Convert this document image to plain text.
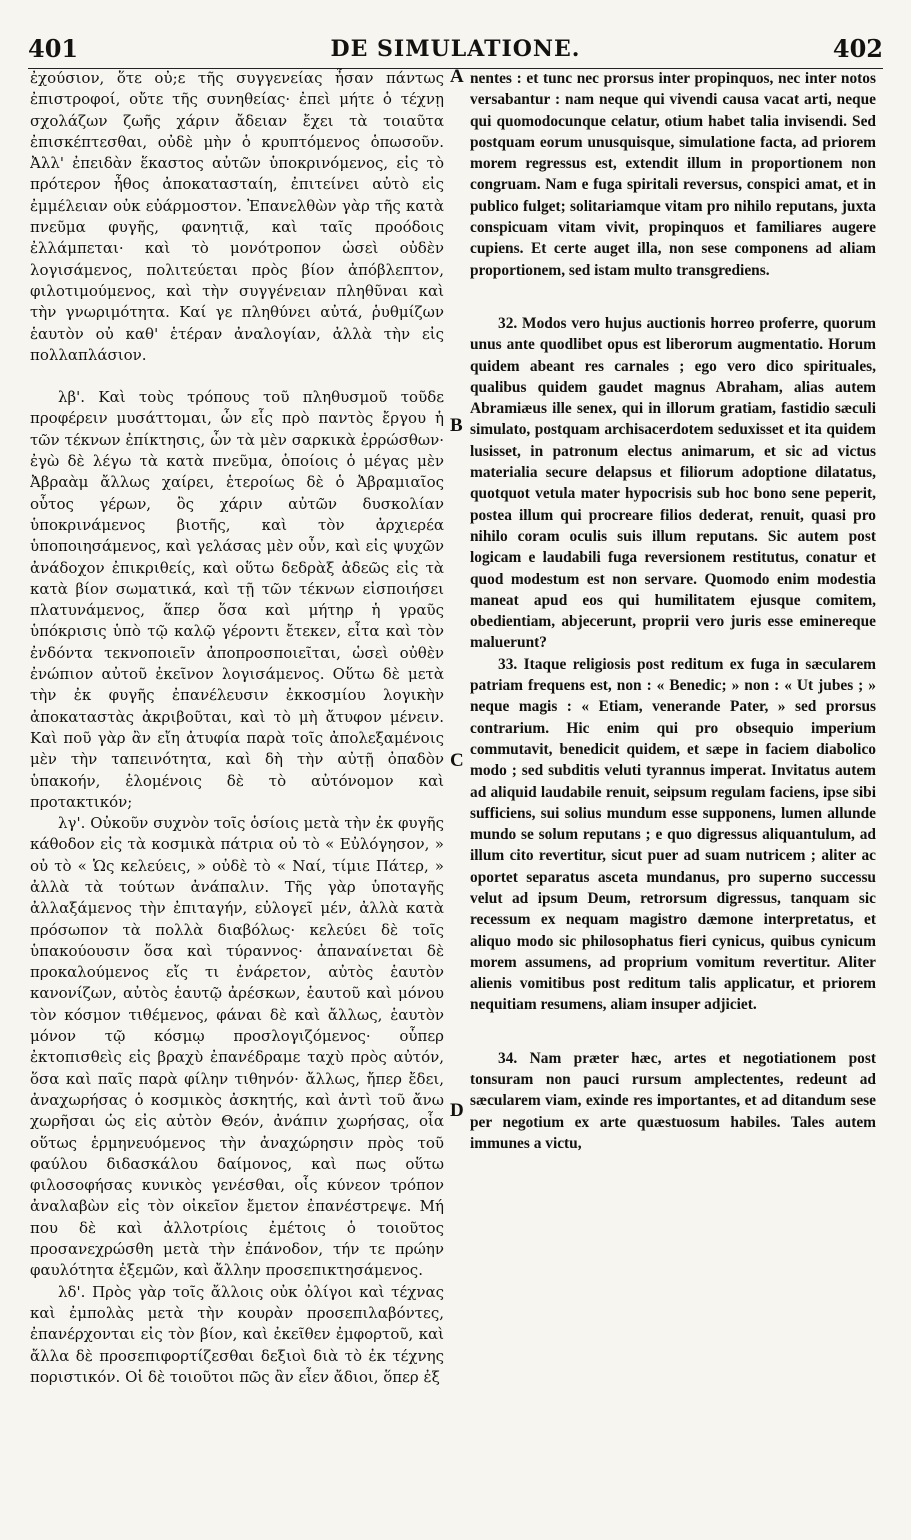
401	DE SIMULATIONE.	402

ἐχούσιον, ὅτε οὐ;ε τῆς συγγενείας ἦσαν πάντως ἐπιστροφοί, οὔτε τῆς συνηθείας· ἐπεὶ μήτε ὁ τέχνῃ σχολάζων ζωῆς χάριν ἄδειαν ἔχει τὰ τοιαῦτα ἐπισκέπτεσθαι, οὐδὲ μὴν ὁ κρυπτόμενος ὁπωσοῦν. Ἀλλ' ἐπειδὰν ἕκαστος αὐτῶν ὑποκρινόμενος, εἰς τὸ πρότερον ἦθος ἀποκατασταίη, ἐπιτείνει αὐτὸ εἰς ἐμμέλειαν οὐκ εὐάρμοστον. Ἐπανελθὼν γὰρ τῆς κατὰ πνεῦμα φυγῆς, φανητιᾷ, καὶ ταῖς προόδοις ἐλλάμπεται· καὶ τὸ μονότροπον ὡσεὶ οὐδὲν λογισάμενος, πολιτεύεται πρὸς βίον ἀπόβλεπτον, φιλοτιμούμενος, καὶ τὴν συγγένειαν πληθῦναι καὶ τὴν γνωριμότητα. Καί γε πληθύνει αὐτά, ῥυθμίζων ἑαυτὸν οὐ καθ' ἑτέραν ἀναλογίαν, ἀλλὰ τὴν εἰς πολλαπλάσιον.

λβ'. Καὶ τοὺς τρόπους τοῦ πληθυσμοῦ τοῦδε προφέρειν μυσάττομαι, ὧν εἷς πρὸ παντὸς ἔργου ἡ τῶν τέκνων ἐπίκτησις, ὧν τὰ μὲν σαρκικὰ ἐρρώσθων· ἐγὼ δὲ λέγω τὰ κατὰ πνεῦμα, ὁποίοις ὁ μέγας μὲν Ἀβραὰμ ἄλλως χαίρει, ἑτεροίως δὲ ὁ Ἀβραμιαῖος οὗτος γέρων, ὃς χάριν αὐτῶν δυσκολίαν ὑποκρινάμενος βιοτῆς, καὶ τὸν ἀρχιερέα ὑποποιησάμενος, καὶ γελάσας μὲν οὖν, καὶ εἰς ψυχῶν ἀνάδοχον ἐπικριθείς, καὶ οὕτω δεδρὰξ ἀδεῶς εἰς τὰ κατὰ βίον σωματικά, καὶ τῇ τῶν τέκνων εἰσποιήσει πλατυνάμενος, ἅπερ ὅσα καὶ μήτηρ ἡ γραῦς ὑπόκρισις ὑπὸ τῷ καλῷ γέροντι ἔτεκεν, εἶτα καὶ τὸν ἐνδόντα τεκνοποιεῖν ἀποπροσποιεῖται, ὡσεὶ οὐθὲν ἐνώπιον αὐτοῦ ἐκεῖνον λογισάμενος. Οὕτω δὲ μετὰ τὴν ἐκ φυγῆς ἐπανέλευσιν ἐκκοσμίου λογικὴν ἀποκαταστὰς ἀκριβοῦται, καὶ τὸ μὴ ἄτυφον μένειν. Καὶ ποῦ γὰρ ἂν εἴη ἀτυφία παρὰ τοῖς ἀπολεξαμένοις μὲν τὴν ταπεινότητα, καὶ δὴ τὴν αὐτῇ ὀπαδὸν ὑπακοήν, ἑλομένοις δὲ τὸ αὐτόνομον καὶ προτακτικόν;

λγ'. Οὐκοῦν συχνὸν τοῖς ὁσίοις μετὰ τὴν ἐκ φυγῆς κάθοδον εἰς τὰ κοσμικὰ πάτρια οὐ τὸ « Εὐλόγησον, » οὐ τὸ « Ὡς κελεύεις, » οὐδὲ τὸ « Ναί, τίμιε Πάτερ, » ἀλλὰ τὰ τούτων ἀνάπαλιν. Τῆς γὰρ ὑποταγῆς ἀλλαξάμενος τὴν ἐπιταγήν, εὐλογεῖ μέν, ἀλλὰ κατὰ πρόσωπον τὰ πολλὰ διαβόλως· κελεύει δὲ τοῖς ὑπακούουσιν ὅσα καὶ τύραννος· ἀπαναίνεται δὲ προκαλούμενος εἴς τι ἐνάρετον, αὐτὸς ἑαυτὸν κανονίζων, αὐτὸς ἑαυτῷ ἀρέσκων, ἑαυτοῦ καὶ μόνου τὸν κόσμον τιθέμενος, φάναι δὲ καὶ ἄλλως, ἑαυτὸν μόνον τῷ κόσμῳ προσλογιζόμενος· οὗπερ ἐκτοπισθεὶς εἰς βραχὺ ἐπανέδραμε ταχὺ πρὸς αὐτόν, ὅσα καὶ παῖς παρὰ φίλην τιθηνόν· ἄλλως, ἤπερ ἔδει, ἀναχωρήσας ὁ κοσμικὸς ἀσκητής, καὶ ἀντὶ τοῦ ἄνω χωρῆσαι ὡς εἰς αὐτὸν Θεόν, ἀνάπιν χωρήσας, οἷα οὕτως ἑρμηνευόμενος τὴν ἀναχώρησιν πρὸς τοῦ φαύλου διδασκάλου δαίμονος, καὶ πως οὕτω φιλοσοφήσας κυνικὸς γενέσθαι, οἷς κύνεον τρόπον ἀναλαβὼν εἰς τὸν οἰκεῖον ἔμετον ἐπανέστρεψε. Μή που δὲ καὶ ἀλλοτρίοις ἐμέτοις ὁ τοιοῦτος προσανεχρώσθη μετὰ τὴν ἐπάνοδον, τήν τε πρώην φαυλότητα ἐξεμῶν, καὶ ἄλλην προσεπικτησάμενος.

λδ'. Πρὸς γὰρ τοῖς ἄλλοις οὐκ ὀλίγοι καὶ τέχνας καὶ ἐμπολὰς μετὰ τὴν κουρὰν προσεπιλαβόντες, ἐπανέρχονται εἰς τὸν βίον, καὶ ἐκεῖθεν ἐμφορτοῦ, καὶ ἄλλα δὲ προσεπιφορτίζεσθαι δεξιοὶ διὰ τὸ ἐκ τέχνης ποριστικόν. Οἱ δὲ τοιοῦτοι πῶς ἂν εἶεν ἄδιοι, ὅπερ ἐξ

A
B
C
D

nentes : et tunc nec prorsus inter propinquos, nec inter notos versabantur : nam neque qui vivendi causa vacat arti, neque qui quomodocunque celatur, otium habet talia invisendi. Sed postquam eorum unusquisque, simulatione facta, ad priorem morem regressus est, extendit illum in proportionem non congruam. Nam e fuga spiritali reversus, conspici amat, et in publico fulget; solitariamque vitam pro nihilo reputans, juxta conspicuam vitam vivit, propinquos et familiares augere cupiens. Et certe auget illa, non sese componens ad aliam proportionem, sed istam multo transgrediens.

32. Modos vero hujus auctionis horreo proferre, quorum unus ante quodlibet opus est liberorum augmentatio. Horum quidem abeant res carnales ; ego vero dico spirituales, qualibus quidem gaudet magnus Abraham, alias autem Abramiæus ille senex, qui in illorum gratiam, fastidio sæculi simulato, postquam archisacerdotem seduxisset et ita quidem lusisset, in patronum electus animarum, et sic ad victus materialia secure delapsus et filiorum adoptione dilatatus, quotquot vetula mater hypocrisis sub hoc bono sene peperit, postea illum qui procreare filios dederat, renuit, quasi pro nihilo coram oculis suis illum reputans. Sic autem post logicam e laudabili fuga reversionem restitutus, conatur et quod modestum est non servare. Quomodo enim modestia maneat apud eos qui humilitatem ejusque comitem, obedientiam, abjecerunt, proprii vero juris esse eminereque maluerunt?

33. Itaque religiosis post reditum ex fuga in sæcularem patriam frequens est, non : « Benedic; » non : « Ut jubes ; » neque magis : « Etiam, venerande Pater, » sed prorsus contrarium. Hic enim qui pro obsequio imperium commutavit, benedicit quidem, et sæpe in faciem diabolico modo ; sed subditis veluti tyrannus imperat. Invitatus autem ad aliquid laudabile renuit, seipsum regulam faciens, ipse sibi sufficiens, sui solius mundum esse supponens, lumen allunde mundo se solum reputans ; e quo digressus aliquantulum, ad illum cito revertitur, sicut puer ad suam nutricem ; aliter ac oportet separatus asceta mundanus, pro superno successu velut ad ipsum Deum, retrorsum digressus, tanquam sic recessum ex nequam magistro dæmone interpretatus, et aliquo modo sic philosophatus fieri cynicus, quibus cynicum morem assumens, ad proprium vomitum revertitur. Aliter alienis vomitibus post reditum talis applicatur, et priorem nequitiam resumens, aliam insuper adjiciet.

34. Nam præter hæc, artes et negotiationem post tonsuram non pauci rursum amplectentes, redeunt ad sæcularem viam, exinde res importantes, et ad ditandum sese per negotium ex arte quæstuosum habiles. Tales autem immunes a victu,
